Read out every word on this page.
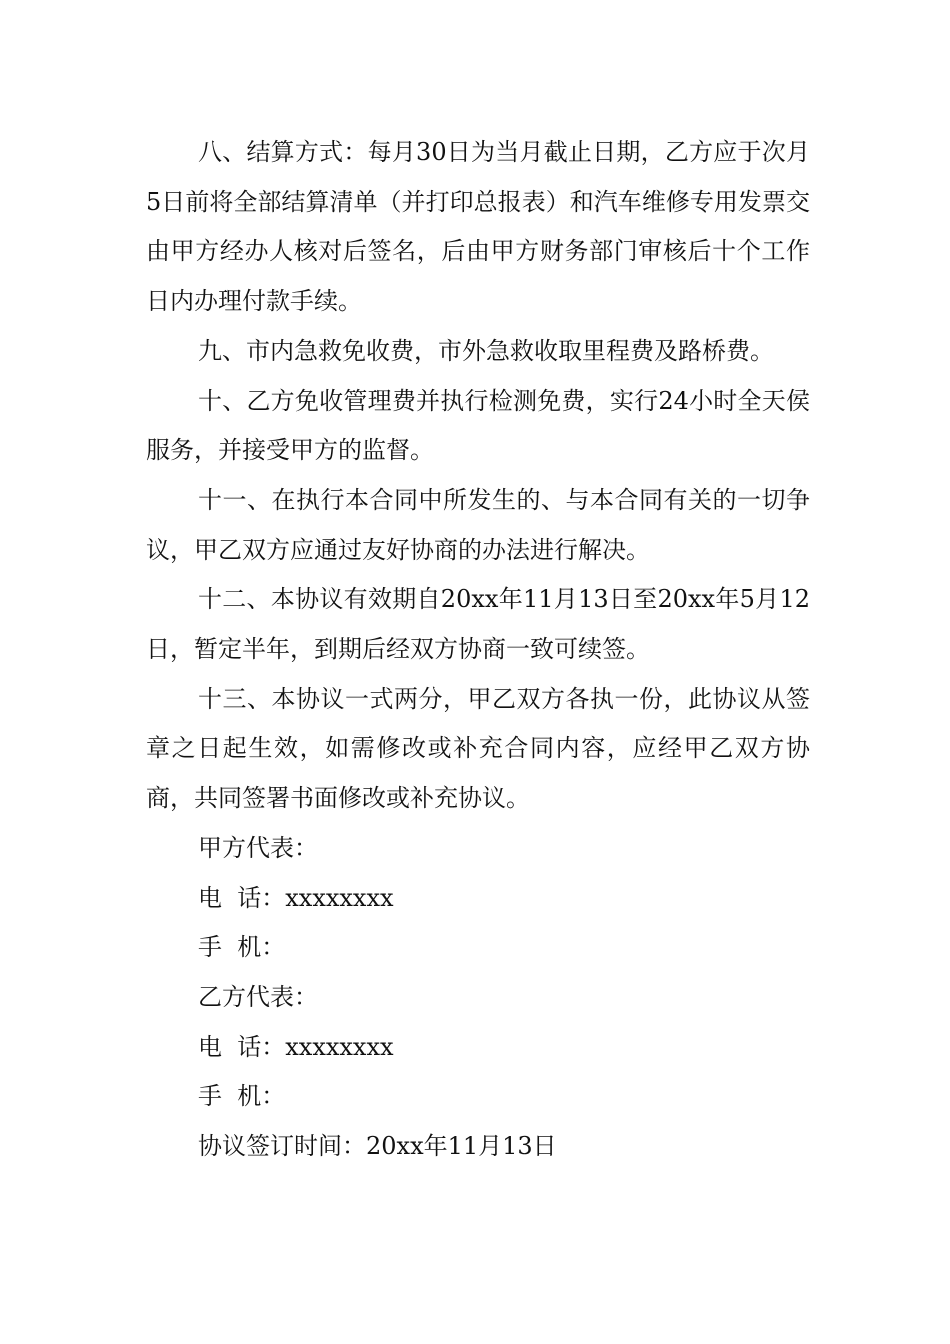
八、结算方式：每月30日为当月截止日期，乙方应于次月5日前将全部结算清单（并打印总报表）和汽车维修专用发票交由甲方经办人核对后签名，后由甲方财务部门审核后十个工作日内办理付款手续。

九、市内急救免收费，市外急救收取里程费及路桥费。

十、乙方免收管理费并执行检测免费，实行24小时全天侯服务，并接受甲方的监督。

十一、在执行本合同中所发生的、与本合同有关的一切争议，甲乙双方应通过友好协商的办法进行解决。

十二、本协议有效期自20xx年11月13日至20xx年5月12日，暂定半年，到期后经双方协商一致可续签。

十三、本协议一式两分，甲乙双方各执一份，此协议从签章之日起生效，如需修改或补充合同内容，应经甲乙双方协商，共同签署书面修改或补充协议。

甲方代表：

电  话：xxxxxxxx

手  机：

乙方代表：

电  话：xxxxxxxx

手  机：

协议签订时间：20xx年11月13日
